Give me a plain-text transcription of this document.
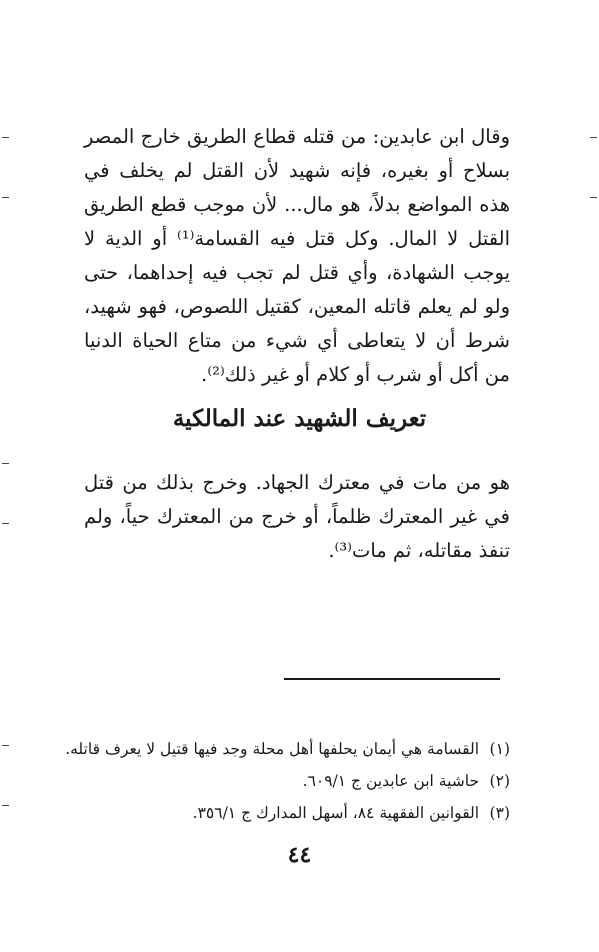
وقال ابن عابدين: من قتله قطاع الطريق خارج المصر بسلاح أو بغيره، فإنه شهيد لأن القتل لم يخلف في هذه المواضع بدلاً، هو مال... لأن موجب قطع الطريق القتل لا المال. وكل قتل فيه القسامة⁽¹⁾ أو الدية لا يوجب الشهادة، وأي قتل لم تجب فيه إحداهما، حتى ولو لم يعلم قاتله المعين، كقتيل اللصوص، فهو شهيد، شرط أن لا يتعاطى أي شيء من متاع الحياة الدنيا من أكل أو شرب أو كلام أو غير ذلك⁽²⁾.

تعريف الشهيد عند المالكية

هو من مات في معترك الجهاد. وخرج بذلك من قتل في غير المعترك ظلماً، أو خرج من المعترك حياً، ولم تنفذ مقاتله، ثم مات⁽³⁾.

(١) القسامة هي أيمان يحلفها أهل محلة وجد فيها قتيل لا يعرف قاتله.
(٢) حاشية ابن عابدين ج ٦٠٩/١.
(٣) القوانين الفقهية ٨٤، أسهل المدارك ج ٣٥٦/١.
٤٤
